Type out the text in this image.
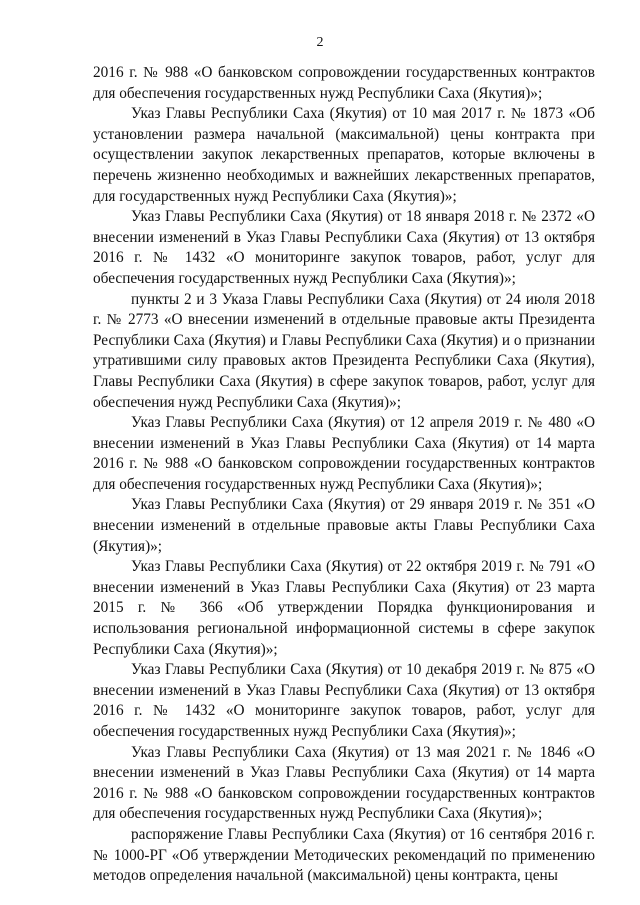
2

2016 г. № 988 «О банковском сопровождении государственных контрактов для обеспечения государственных нужд Республики Саха (Якутия)»;

Указ Главы Республики Саха (Якутия) от 10 мая 2017 г. № 1873 «Об установлении размера начальной (максимальной) цены контракта при осуществлении закупок лекарственных препаратов, которые включены в перечень жизненно необходимых и важнейших лекарственных препаратов, для государственных нужд Республики Саха (Якутия)»;

Указ Главы Республики Саха (Якутия) от 18 января 2018 г. № 2372 «О внесении изменений в Указ Главы Республики Саха (Якутия) от 13 октября 2016 г. № 1432 «О мониторинге закупок товаров, работ, услуг для обеспечения государственных нужд Республики Саха (Якутия)»;

пункты 2 и 3 Указа Главы Республики Саха (Якутия) от 24 июля 2018 г. № 2773 «О внесении изменений в отдельные правовые акты Президента Республики Саха (Якутия) и Главы Республики Саха (Якутия) и о признании утратившими силу правовых актов Президента Республики Саха (Якутия), Главы Республики Саха (Якутия) в сфере закупок товаров, работ, услуг для обеспечения нужд Республики Саха (Якутия)»;

Указ Главы Республики Саха (Якутия) от 12 апреля 2019 г. № 480 «О внесении изменений в Указ Главы Республики Саха (Якутия) от 14 марта 2016 г. № 988 «О банковском сопровождении государственных контрактов для обеспечения государственных нужд Республики Саха (Якутия)»;

Указ Главы Республики Саха (Якутия) от 29 января 2019 г. № 351 «О внесении изменений в отдельные правовые акты Главы Республики Саха (Якутия)»;

Указ Главы Республики Саха (Якутия) от 22 октября 2019 г. № 791 «О внесении изменений в Указ Главы Республики Саха (Якутия) от 23 марта 2015 г. № 366 «Об утверждении Порядка функционирования и использования региональной информационной системы в сфере закупок Республики Саха (Якутия)»;

Указ Главы Республики Саха (Якутия) от 10 декабря 2019 г. № 875 «О внесении изменений в Указ Главы Республики Саха (Якутия) от 13 октября 2016 г. № 1432 «О мониторинге закупок товаров, работ, услуг для обеспечения государственных нужд Республики Саха (Якутия)»;

Указ Главы Республики Саха (Якутия) от 13 мая 2021 г. № 1846 «О внесении изменений в Указ Главы Республики Саха (Якутия) от 14 марта 2016 г. № 988 «О банковском сопровождении государственных контрактов для обеспечения государственных нужд Республики Саха (Якутия)»;

распоряжение Главы Республики Саха (Якутия) от 16 сентября 2016 г. № 1000-РГ «Об утверждении Методических рекомендаций по применению методов определения начальной (максимальной) цены контракта, цены
